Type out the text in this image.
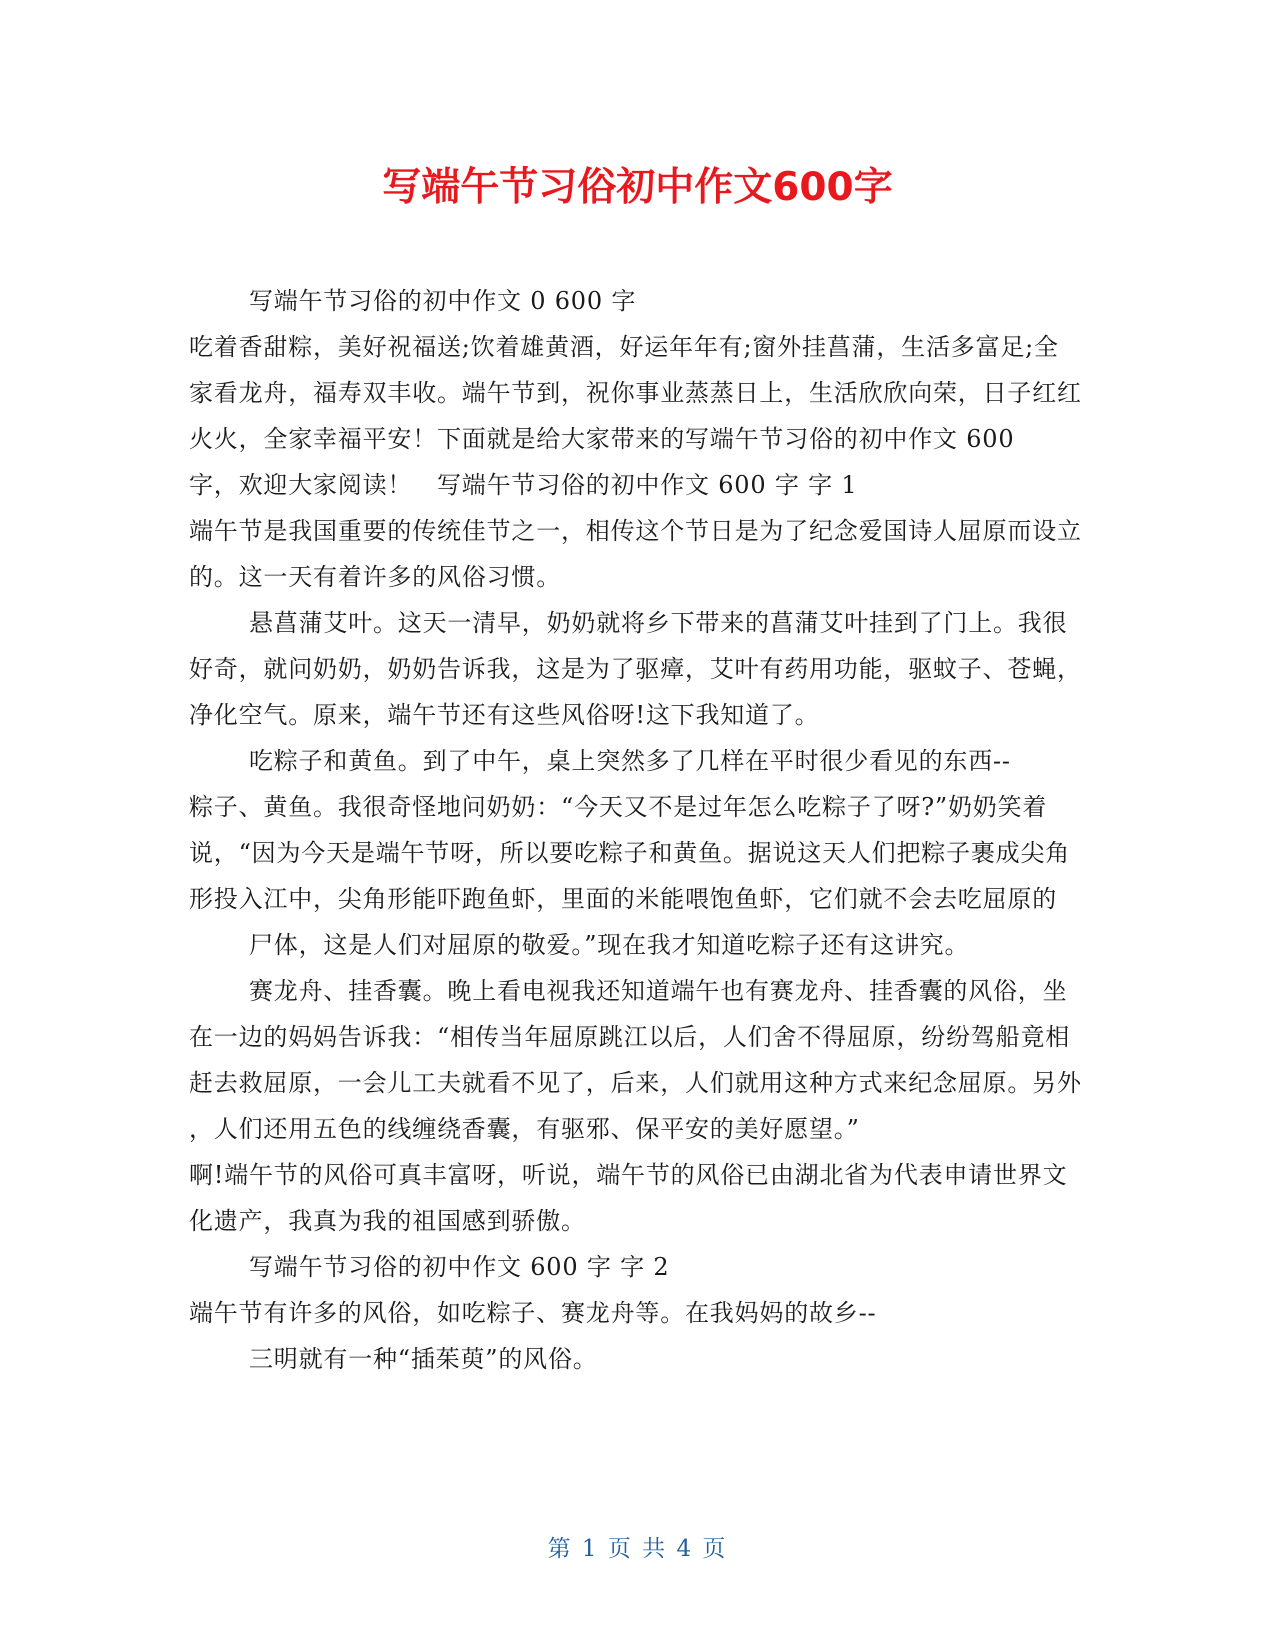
写端午节习俗初中作文600字
写端午节习俗的初中作文 0 600 字
吃着香甜粽，美好祝福送;饮着雄黄酒，好运年年有;窗外挂菖蒲，生活多富足;全
家看龙舟，福寿双丰收。端午节到，祝你事业蒸蒸日上，生活欣欣向荣，日子红红
火火，全家幸福平安！下面就是给大家带来的写端午节习俗的初中作文 600
字，欢迎大家阅读！　写端午节习俗的初中作文 600 字 字 1
端午节是我国重要的传统佳节之一，相传这个节日是为了纪念爱国诗人屈原而设立
的。这一天有着许多的风俗习惯。
悬菖蒲艾叶。这天一清早，奶奶就将乡下带来的菖蒲艾叶挂到了门上。我很
好奇，就问奶奶，奶奶告诉我，这是为了驱瘴，艾叶有药用功能，驱蚊子、苍蝇，
净化空气。原来，端午节还有这些风俗呀!这下我知道了。
吃粽子和黄鱼。到了中午，桌上突然多了几样在平时很少看见的东西--
粽子、黄鱼。我很奇怪地问奶奶：“今天又不是过年怎么吃粽子了呀?”奶奶笑着
说，“因为今天是端午节呀，所以要吃粽子和黄鱼。据说这天人们把粽子裹成尖角
形投入江中，尖角形能吓跑鱼虾，里面的米能喂饱鱼虾，它们就不会去吃屈原的
尸体，这是人们对屈原的敬爱。”现在我才知道吃粽子还有这讲究。
赛龙舟、挂香囊。晚上看电视我还知道端午也有赛龙舟、挂香囊的风俗，坐
在一边的妈妈告诉我：“相传当年屈原跳江以后，人们舍不得屈原，纷纷驾船竟相
赶去救屈原，一会儿工夫就看不见了，后来，人们就用这种方式来纪念屈原。另外
，人们还用五色的线缠绕香囊，有驱邪、保平安的美好愿望。”
啊!端午节的风俗可真丰富呀，听说，端午节的风俗已由湖北省为代表申请世界文
化遗产，我真为我的祖国感到骄傲。
写端午节习俗的初中作文 600 字 字 2
端午节有许多的风俗，如吃粽子、赛龙舟等。在我妈妈的故乡--
三明就有一种“插茱萸”的风俗。
第 1 页 共 4 页
